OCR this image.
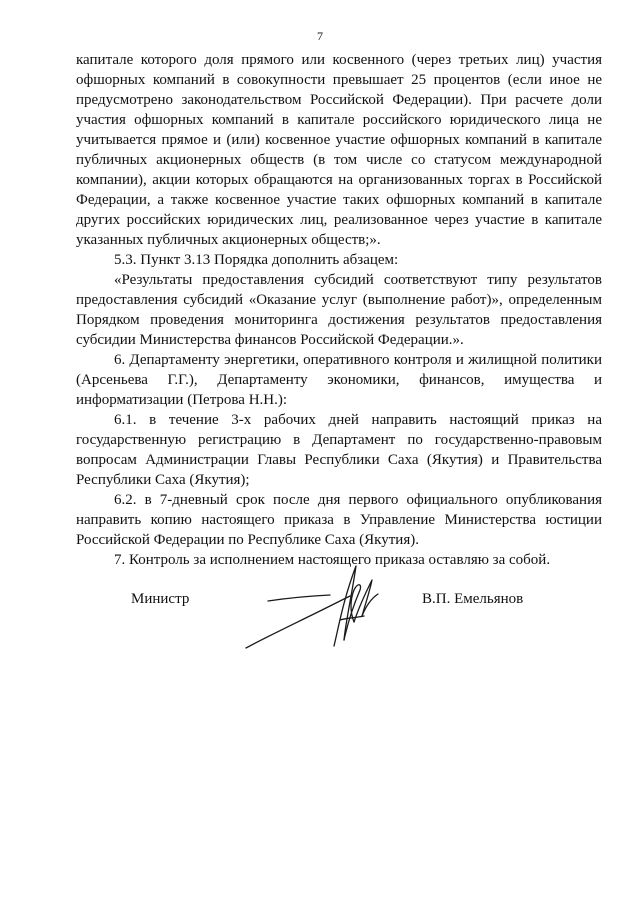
7

капитале которого доля прямого или косвенного (через третьих лиц) участия офшорных компаний в совокупности превышает 25 процентов (если иное не предусмотрено законодательством Российской Федерации). При расчете доли участия офшорных компаний в капитале российского юридического лица не учитывается прямое и (или) косвенное участие офшорных компаний в капитале публичных акционерных обществ (в том числе со статусом международной компании), акции которых обращаются на организованных торгах в Российской Федерации, а также косвенное участие таких офшорных компаний в капитале других российских юридических лиц, реализованное через участие в капитале указанных публичных акционерных обществ;».

5.3. Пункт 3.13 Порядка дополнить абзацем:

«Результаты предоставления субсидий соответствуют типу результатов предоставления субсидий «Оказание услуг (выполнение работ)», определенным Порядком проведения мониторинга достижения результатов предоставления субсидии Министерства финансов Российской Федерации.».

6. Департаменту энергетики, оперативного контроля и жилищной политики (Арсеньева Г.Г.), Департаменту экономики, финансов, имущества и информатизации (Петрова Н.Н.):

6.1. в течение 3-х рабочих дней направить настоящий приказ на государственную регистрацию в Департамент по государственно-правовым вопросам Администрации Главы Республики Саха (Якутия) и Правительства Республики Саха (Якутия);

6.2. в 7-дневный срок после дня первого официального опубликования направить копию настоящего приказа в Управление Министерства юстиции Российской Федерации по Республике Саха (Якутия).

7. Контроль за исполнением настоящего приказа оставляю за собой.

Министр	В.П. Емельянов
